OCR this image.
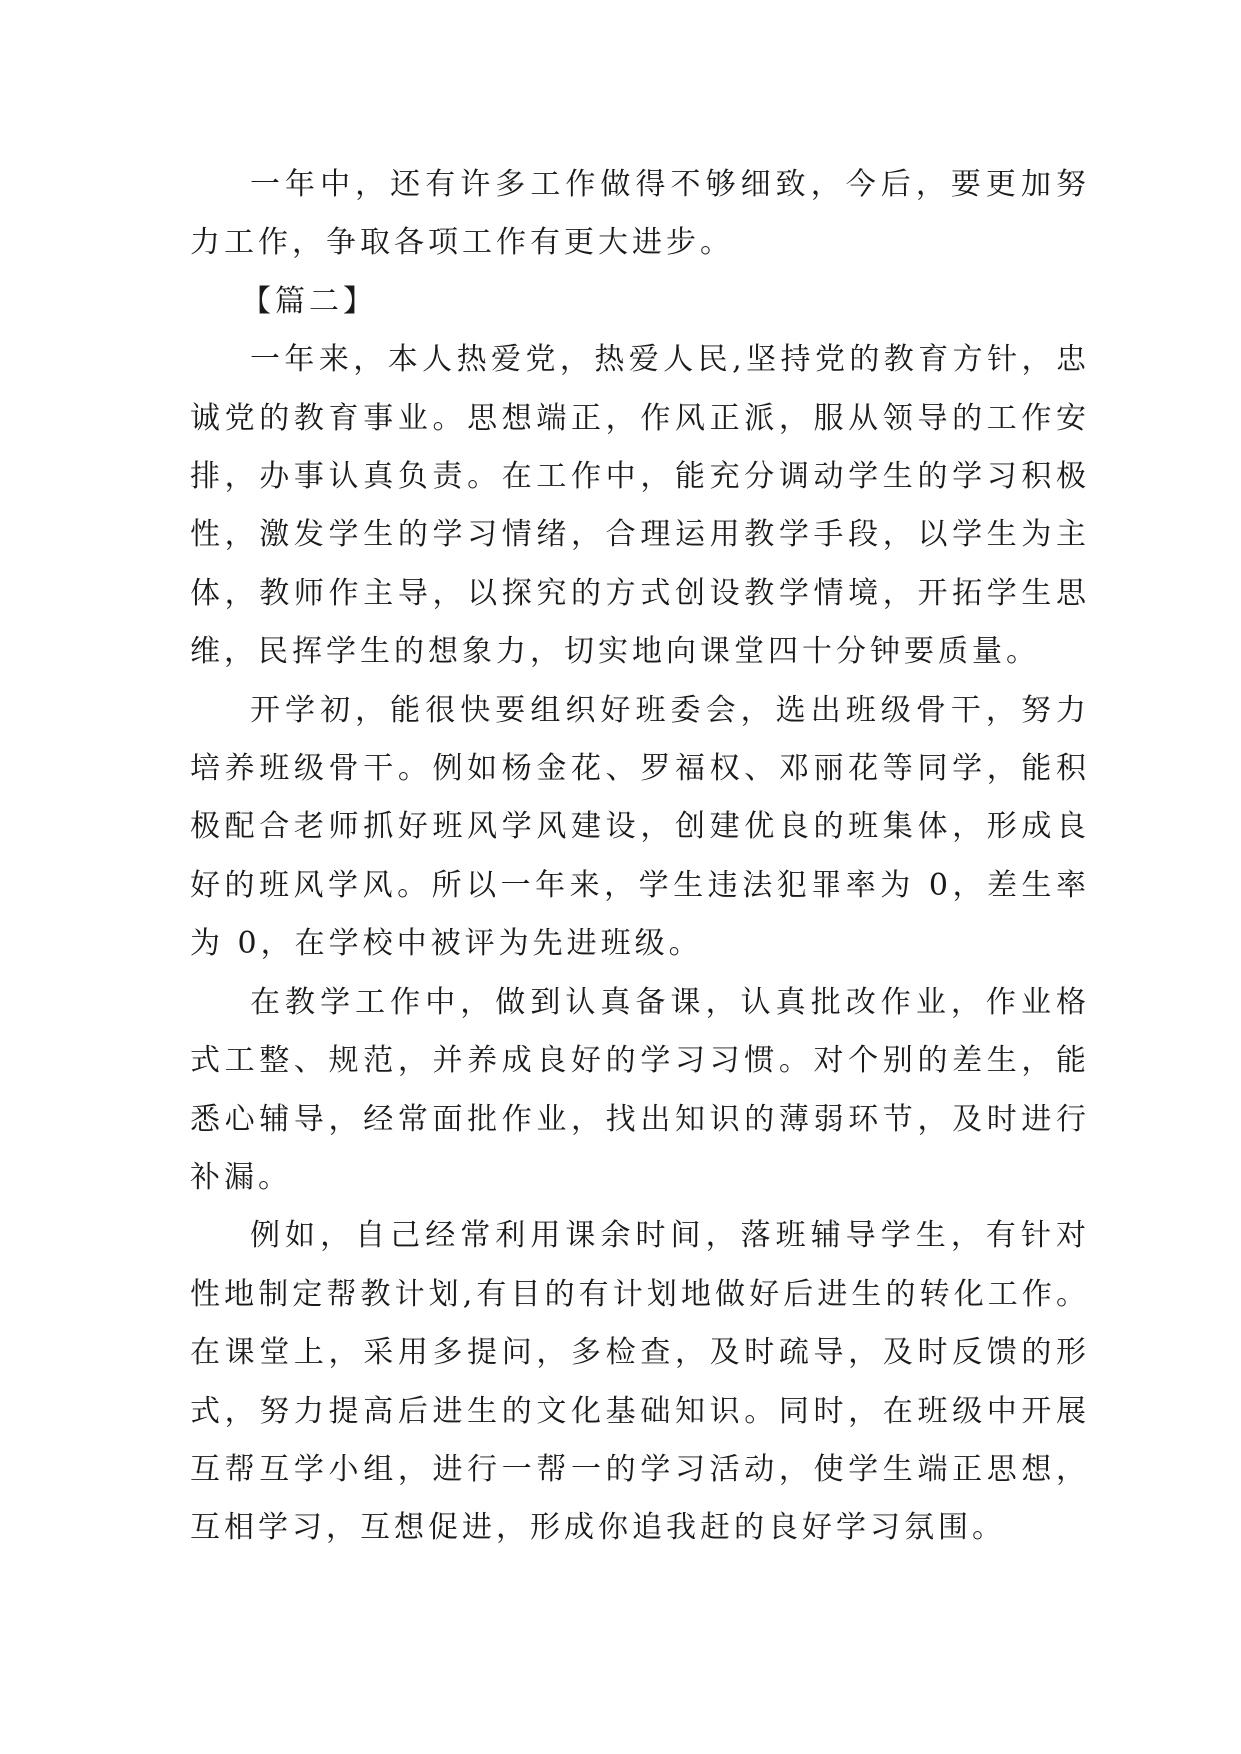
一年中，还有许多工作做得不够细致，今后，要更加努力工作，争取各项工作有更大进步。

【篇二】

一年来，本人热爱党，热爱人民,坚持党的教育方针，忠诚党的教育事业。思想端正，作风正派，服从领导的工作安排，办事认真负责。在工作中，能充分调动学生的学习积极性，激发学生的学习情绪，合理运用教学手段，以学生为主体，教师作主导，以探究的方式创设教学情境，开拓学生思维，民挥学生的想象力，切实地向课堂四十分钟要质量。

开学初，能很快要组织好班委会，选出班级骨干，努力培养班级骨干。例如杨金花、罗福权、邓丽花等同学，能积极配合老师抓好班风学风建设，创建优良的班集体，形成良好的班风学风。所以一年来，学生违法犯罪率为 0，差生率为 0，在学校中被评为先进班级。

在教学工作中，做到认真备课，认真批改作业，作业格式工整、规范，并养成良好的学习习惯。对个别的差生，能悉心辅导，经常面批作业，找出知识的薄弱环节，及时进行补漏。

例如，自己经常利用课余时间，落班辅导学生，有针对性地制定帮教计划,有目的有计划地做好后进生的转化工作。在课堂上，采用多提问，多检查，及时疏导，及时反馈的形式，努力提高后进生的文化基础知识。同时，在班级中开展互帮互学小组，进行一帮一的学习活动，使学生端正思想，互相学习，互想促进，形成你追我赶的良好学习氛围。
